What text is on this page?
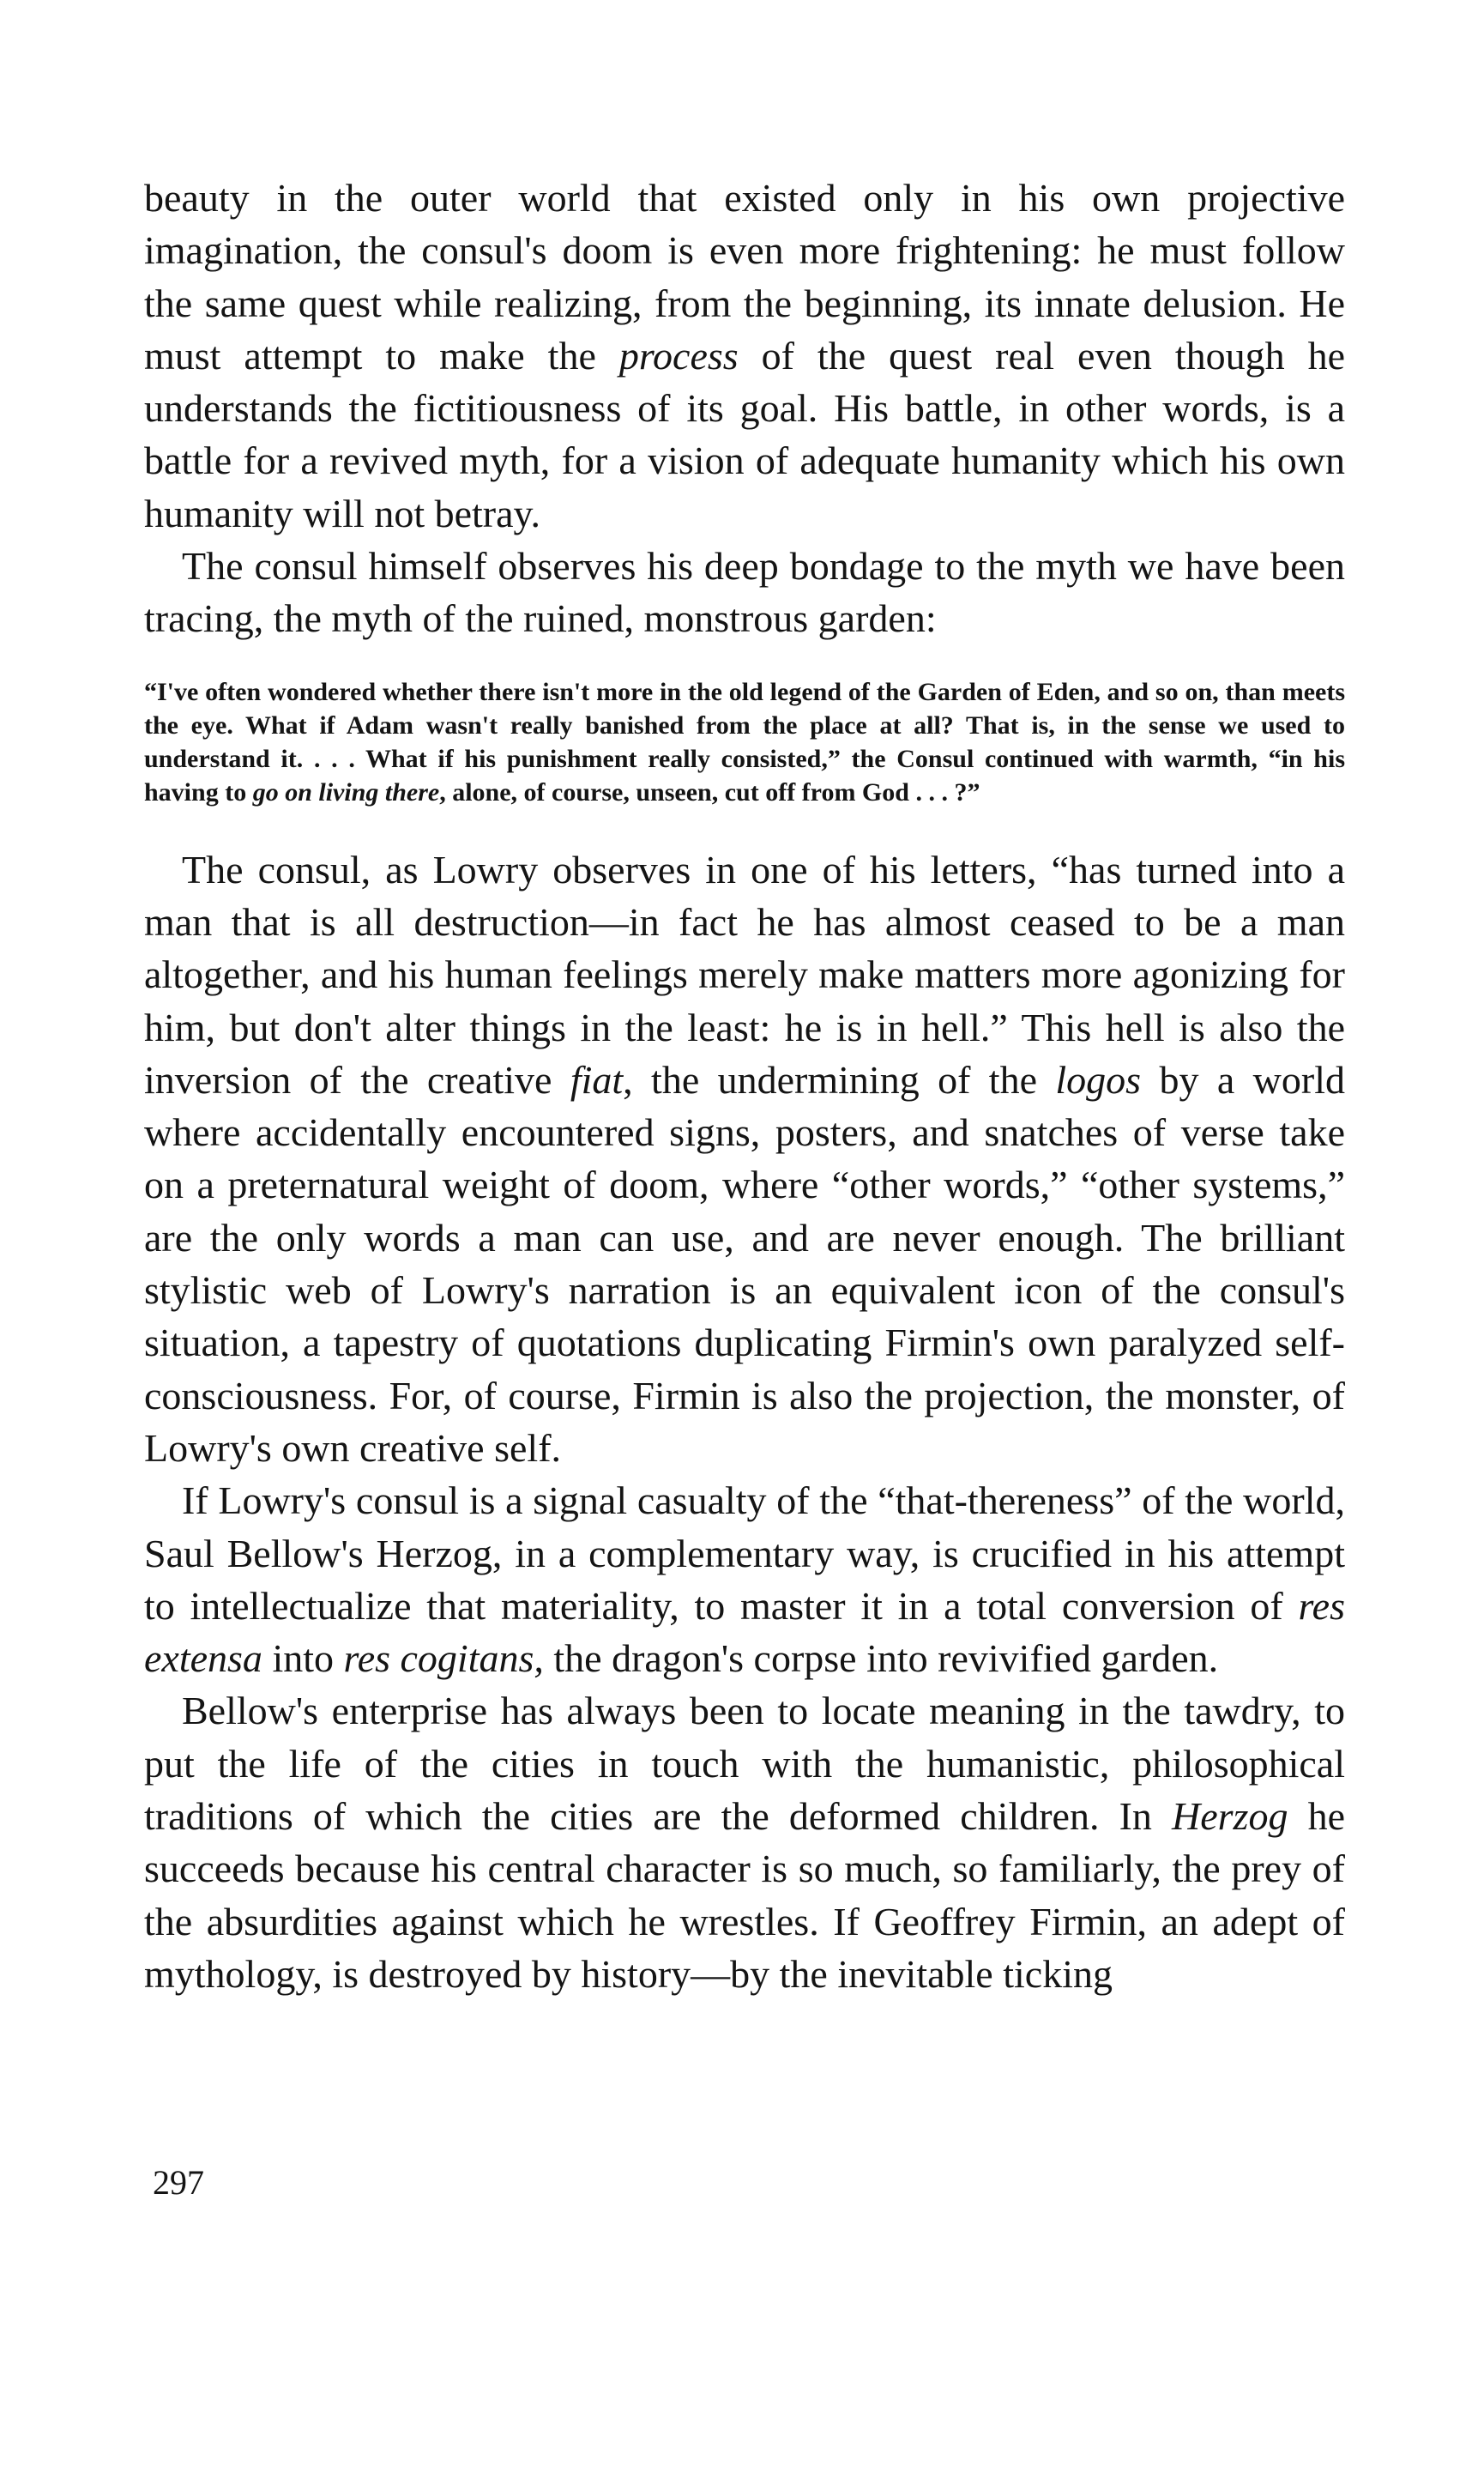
beauty in the outer world that existed only in his own projective imagination, the consul's doom is even more frightening: he must follow the same quest while realizing, from the beginning, its innate delusion. He must attempt to make the process of the quest real even though he understands the fictitiousness of its goal. His battle, in other words, is a battle for a revived myth, for a vision of adequate humanity which his own humanity will not betray.

The consul himself observes his deep bondage to the myth we have been tracing, the myth of the ruined, monstrous garden:

“I've often wondered whether there isn't more in the old legend of the Garden of Eden, and so on, than meets the eye. What if Adam wasn't really banished from the place at all? That is, in the sense we used to understand it. . . . What if his punishment really consisted,” the Consul continued with warmth, “in his having to go on living there, alone, of course, unseen, cut off from God . . . ?”

The consul, as Lowry observes in one of his letters, “has turned into a man that is all destruction—in fact he has almost ceased to be a man altogether, and his human feelings merely make matters more agonizing for him, but don't alter things in the least: he is in hell.” This hell is also the inversion of the creative fiat, the undermining of the logos by a world where accidentally encountered signs, posters, and snatches of verse take on a preternatural weight of doom, where “other words,” “other systems,” are the only words a man can use, and are never enough. The brilliant stylistic web of Lowry's narration is an equivalent icon of the consul's situation, a tapestry of quotations duplicating Firmin's own paralyzed self-consciousness. For, of course, Firmin is also the projection, the monster, of Lowry's own creative self.

If Lowry's consul is a signal casualty of the “that-thereness” of the world, Saul Bellow's Herzog, in a complementary way, is crucified in his attempt to intellectualize that materiality, to master it in a total conversion of res extensa into res cogitans, the dragon's corpse into revivified garden.

Bellow's enterprise has always been to locate meaning in the tawdry, to put the life of the cities in touch with the humanistic, philosophical traditions of which the cities are the deformed children. In Herzog he succeeds because his central character is so much, so familiarly, the prey of the absurdities against which he wrestles. If Geoffrey Firmin, an adept of mythology, is destroyed by history—by the inevitable ticking

297
